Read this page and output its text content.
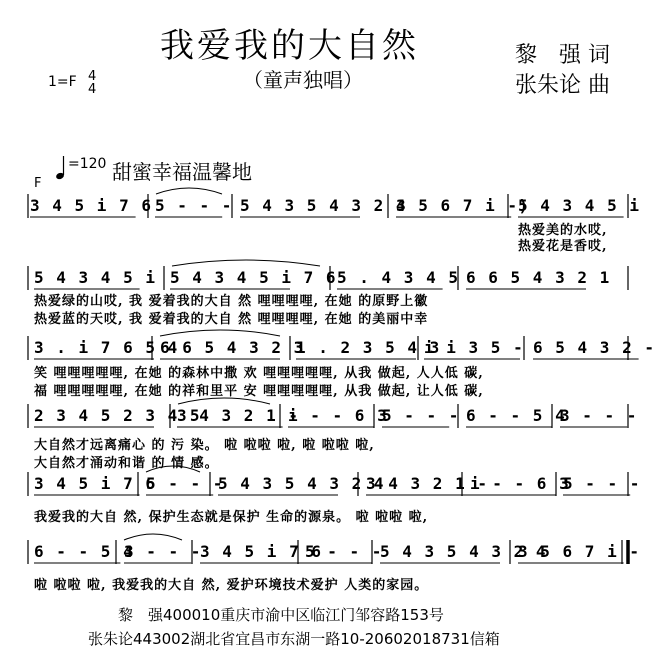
我爱我的大自然
（童声独唱）
黎　强 词
张朱论 曲
1=F 4
4
F
=120 甜蜜幸福温馨地
3 4 5 i 7 6 5 - - - 5 4 3 5 4 3 2 4
3 5 6 7 i -)
5 4 3 4 5 i
热爱美的水哎,
热爱花是香哎,
5 4 3 4 5 i 5 4 3 4 5 i 7 6 5 . 4 3 4 5 6 6 5 4 3 2 1
热爱绿的山哎, 我 爱着我的大自 然 哩哩哩哩, 在她 的原野上徽
热爱蓝的天哎, 我 爱着我的大自 然 哩哩哩哩, 在她 的美丽中幸
3 . i 7 6 5 4
6 6 5 4 3 2 3
1 . 2 3 5 4 3
i i 3 5 - 6 5 4 3 2 -
笑 哩哩哩哩哩, 在她 的森林中撒 欢 哩哩哩哩哩, 从我 做起, 人人低 碳,
福 哩哩哩哩哩, 在她 的祥和里平 安 哩哩哩哩哩, 从我 做起, 让人低 碳,
2 3 4 5 2 3 4 5
3 4 3 2 1 -
i - - 6 3
5 - - - 6 - - 5 4
3 - - -
大自然才远离痛心 的 污 染。 啦 啦啦 啦, 啦 啦啦 啦,
大自然才涌动和谐 的 情 感。
3 4 5 i 7 6
5 - - -
5 4 3 5 4 3 2 4
3 4 3 2 1 -
i - - 6 3
5 - - -
我爱我的大自 然, 保护生态就是保护 生命的源泉。 啦 啦啦 啦,
6 - - 5 4
3 - - -
3 4 5 i 7 6
5 - - -
5 4 3 5 4 3 2 4
3 5 6 7 i -
啦 啦啦 啦, 我爱我的大自 然, 爱护环境技术爱护 人类的家园。
黎　强400010重庆市渝中区临江门邹容路153号
张朱论443002湖北省宜昌市东湖一路10-20602018731信箱
